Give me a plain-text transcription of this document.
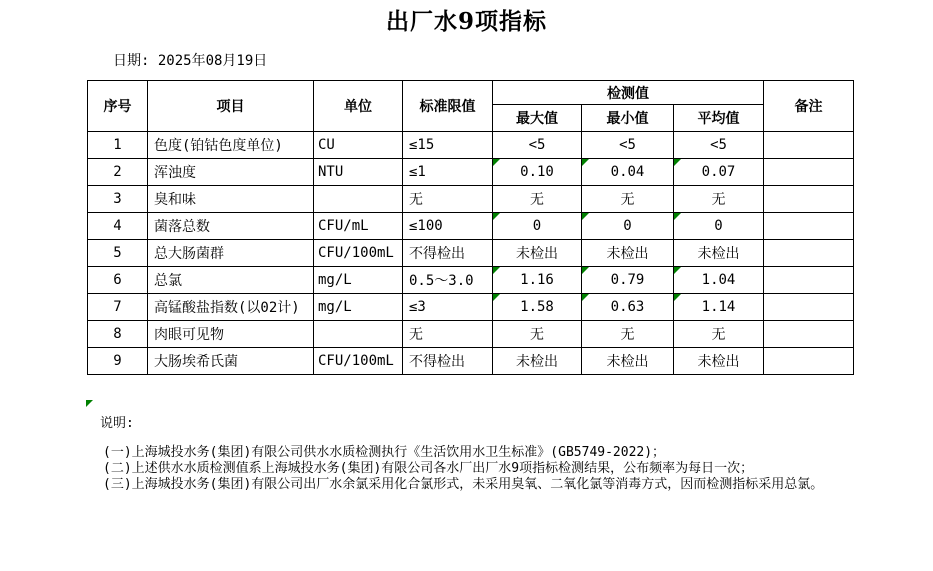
出厂水9项指标
日期: 2025年08月19日
序号	项目	单位	标准限值	检测值			备注
				最大值	最小值	平均值	
1	色度(铂钴色度单位)	CU	≤15	<5	<5	<5	
2	浑浊度	NTU	≤1	0.10	0.04	0.07	
3	臭和味		无	无	无	无	
4	菌落总数	CFU/mL	≤100	0	0	0	
5	总大肠菌群	CFU/100mL	不得检出	未检出	未检出	未检出	
6	总氯	mg/L	0.5～3.0	1.16	0.79	1.04	
7	高锰酸盐指数(以02计)	mg/L	≤3	1.58	0.63	1.14	
8	肉眼可见物		无	无	无	无	
9	大肠埃希氏菌	CFU/100mL	不得检出	未检出	未检出	未检出	
说明:
(一)上海城投水务(集团)有限公司供水水质检测执行《生活饮用水卫生标准》(GB5749-2022)；
(二)上述供水水质检测值系上海城投水务(集团)有限公司各水厂出厂水9项指标检测结果，公布频率为每日一次；
(三)上海城投水务(集团)有限公司出厂水余氯采用化合氯形式，未采用臭氧、二氧化氯等消毒方式，因而检测指标采用总氯。
